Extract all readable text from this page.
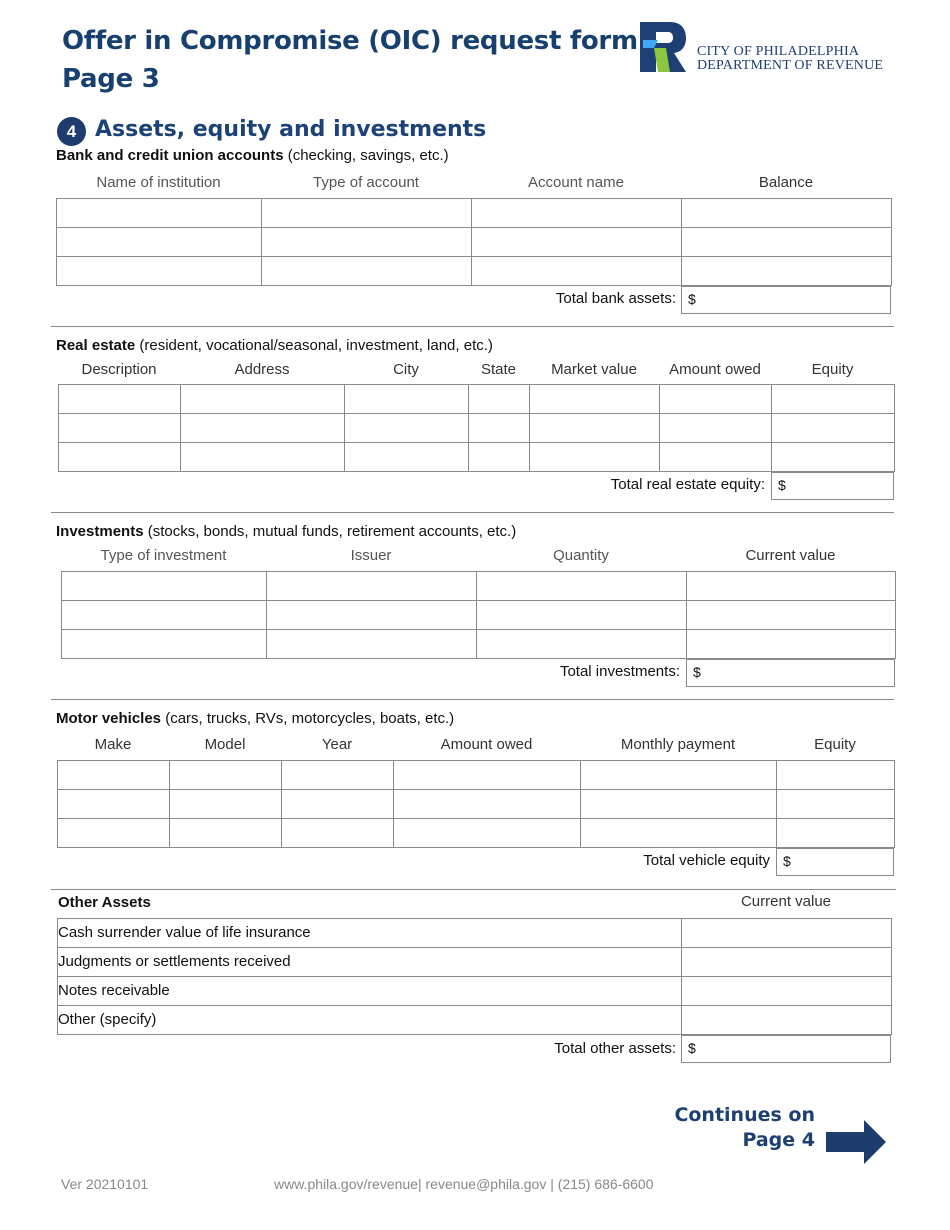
Offer in Compromise (OIC) request form
Page 3
CITY OF PHILADELPHIA
DEPARTMENT OF REVENUE
4 Assets, equity and investments
Bank and credit union accounts (checking, savings, etc.)
Name of institution	Type of account	Account name	Balance

Total bank assets: $
Real estate (resident, vocational/seasonal, investment, land, etc.)
Description	Address	City	State	Market value	Amount owed	Equity

Total real estate equity: $
Investments (stocks, bonds, mutual funds, retirement accounts, etc.)
Type of investment	Issuer	Quantity	Current value

Total investments: $
Motor vehicles (cars, trucks, RVs, motorcycles, boats, etc.)
Make	Model	Year	Amount owed	Monthly payment	Equity

Total vehicle equity $
Other Assets	Current value
Cash surrender value of life insurance	
Judgments or settlements received	
Notes receivable	
Other (specify)	
Total other assets: $
Continues on
Page 4
Ver 20210101	www.phila.gov/revenue| revenue@phila.gov | (215) 686-6600
